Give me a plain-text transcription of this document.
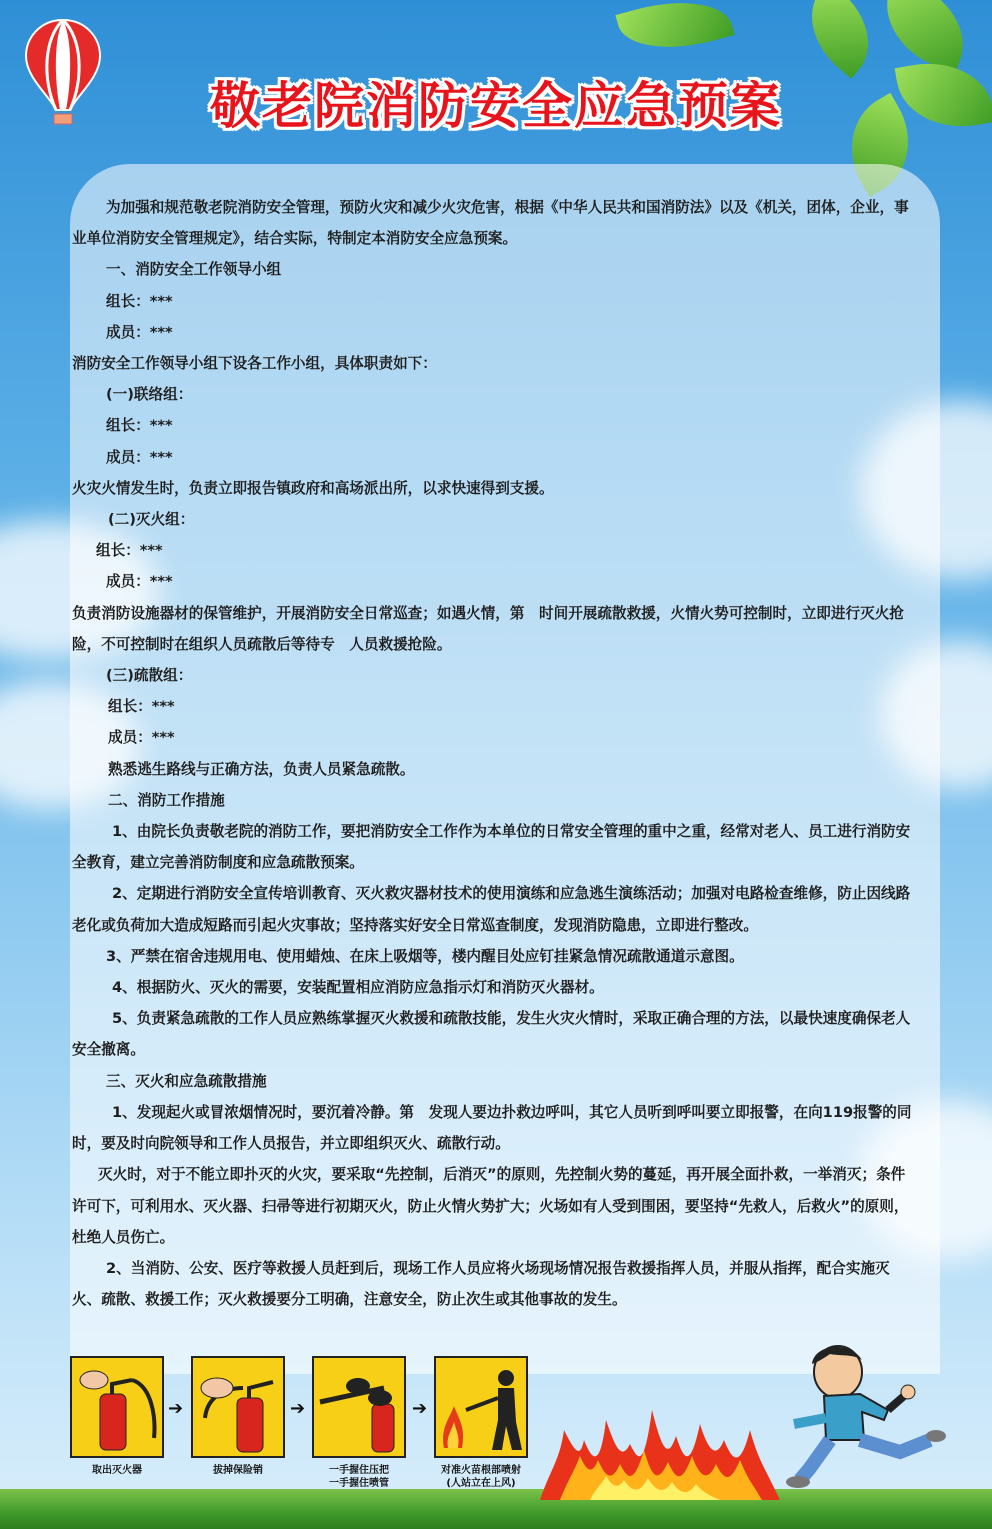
敬老院消防安全应急预案

为加强和规范敬老院消防安全管理，预防火灾和减少火灾危害，根据《中华人民共和国消防法》以及《机关，团体，企业，事业单位消防安全管理规定》，结合实际，特制定本消防安全应急预案。

一、消防安全工作领导小组

组长：***

成员：***

消防安全工作领导小组下设各工作小组，具体职责如下：

(一)联络组：

组长：***

成员：***

火灾火情发生时，负责立即报告镇政府和高场派出所，以求快速得到支援。

(二)灭火组：

组长：***

成员：***

负责消防设施器材的保管维护，开展消防安全日常巡查；如遇火情，第　时间开展疏散救援，火情火势可控制时，立即进行灭火抢险，不可控制时在组织人员疏散后等待专　人员救援抢险。

(三)疏散组：

组长：***

成员：***

熟悉逃生路线与正确方法，负责人员紧急疏散。

二、消防工作措施

1、由院长负责敬老院的消防工作，要把消防安全工作作为本单位的日常安全管理的重中之重，经常对老人、员工进行消防安全教育，建立完善消防制度和应急疏散预案。

2、定期进行消防安全宣传培训教育、灭火救灾器材技术的使用演练和应急逃生演练活动；加强对电路检查维修，防止因线路老化或负荷加大造成短路而引起火灾事故；坚持落实好安全日常巡查制度，发现消防隐患，立即进行整改。

3、严禁在宿舍违规用电、使用蜡烛、在床上吸烟等，楼内醒目处应钉挂紧急情况疏散通道示意图。

4、根据防火、灭火的需要，安装配置相应消防应急指示灯和消防灭火器材。

5、负责紧急疏散的工作人员应熟练掌握灭火救援和疏散技能，发生火灾火情时，采取正确合理的方法，以最快速度确保老人安全撤离。

三、灭火和应急疏散措施

1、发现起火或冒浓烟情况时，要沉着冷静。第　发现人要边扑救边呼叫，其它人员听到呼叫要立即报警，在向119报警的同时，要及时向院领导和工作人员报告，并立即组织灭火、疏散行动。

灭火时，对于不能立即扑灭的火灾，要采取“先控制，后消灭”的原则，先控制火势的蔓延，再开展全面扑救，一举消灭；条件许可下，可利用水、灭火器、扫帚等进行初期灭火，防止火情火势扩大；火场如有人受到围困，要坚持“先救人，后救火”的原则，杜绝人员伤亡。

2、当消防、公安、医疗等救援人员赶到后，现场工作人员应将火场现场情况报告救援指挥人员，并服从指挥，配合实施灭火、疏散、救援工作；灭火救援要分工明确，注意安全，防止次生或其他事故的发生。

➔	➔	➔
取出灭火器	拔掉保险销	一手握住压把
一手握住喷管
对准火苗根部喷射
(人站立在上风)
